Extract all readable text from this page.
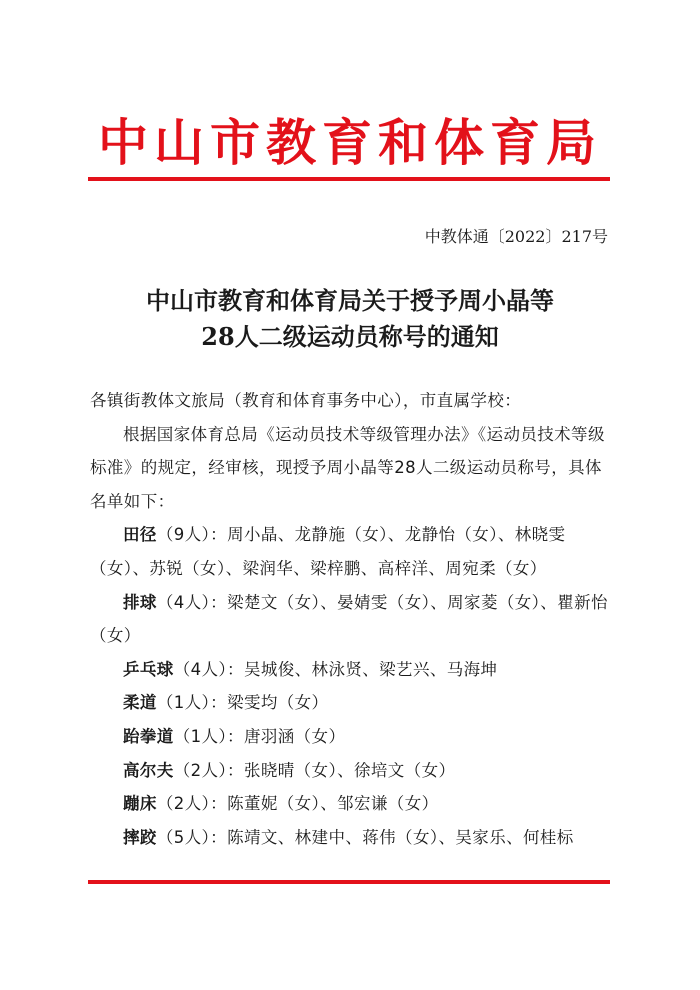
中山市教育和体育局
中教体通〔2022〕217号
中山市教育和体育局关于授予周小晶等
28人二级运动员称号的通知

各镇街教体文旅局（教育和体育事务中心），市直属学校：

根据国家体育总局《运动员技术等级管理办法》《运动员技术等级标准》的规定，经审核，现授予周小晶等28人二级运动员称号，具体名单如下：

田径（9人）：周小晶、龙静施（女）、龙静怡（女）、林晓雯（女）、苏锐（女）、梁润华、梁梓鹏、高梓洋、周宛柔（女）

排球（4人）：梁楚文（女）、晏婧雯（女）、周家菱（女）、瞿新怡（女）

乒乓球（4人）：吴城俊、林泳贤、梁艺兴、马海坤

柔道（1人）：梁雯均（女）

跆拳道（1人）：唐羽涵（女）

高尔夫（2人）：张晓晴（女）、徐培文（女）

蹦床（2人）：陈董妮（女）、邹宏谦（女）

摔跤（5人）：陈靖文、林建中、蒋伟（女）、吴家乐、何桂标
